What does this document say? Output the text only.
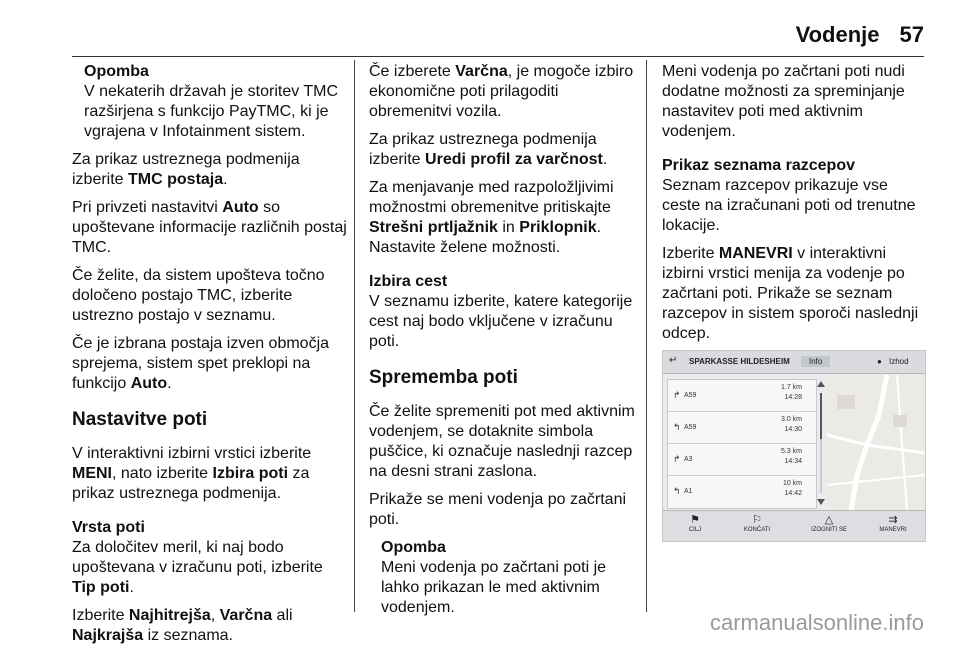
Vodenje 57
Opomba

V nekaterih državah je storitev TMC razširjena s funkcijo PayTMC, ki je vgrajena v Infotainment sistem.

Za prikaz ustreznega podmenija izberite TMC postaja.

Pri privzeti nastavitvi Auto so upoštevane informacije različnih postaj TMC.

Če želite, da sistem upošteva točno določeno postajo TMC, izberite ustrezno postajo v seznamu.

Če je izbrana postaja izven območja sprejema, sistem spet preklopi na funkcijo Auto.

Nastavitve poti

V interaktivni izbirni vrstici izberite MENI, nato izberite Izbira poti za prikaz ustreznega podmenija.

Vrsta poti

Za določitev meril, ki naj bodo upoštevana v izračunu poti, izberite Tip poti.

Izberite Najhitrejša, Varčna ali Najkrajša iz seznama.

Če izberete Varčna, je mogoče izbiro ekonomične poti prilagoditi obremenitvi vozila.

Za prikaz ustreznega podmenija izberite Uredi profil za varčnost.

Za menjavanje med razpoložljivimi možnostmi obremenitve pritiskajte Strešni prtljažnik in Priklopnik.
Nastavite želene možnosti.

Izbira cest

V seznamu izberite, katere kategorije cest naj bodo vključene v izračunu poti.

Sprememba poti

Če želite spremeniti pot med aktivnim vodenjem, se dotaknite simbola puščice, ki označuje naslednji razcep na desni strani zaslona.

Prikaže se meni vodenja po začrtani poti.

Opomba

Meni vodenja po začrtani poti je lahko prikazan le med aktivnim vodenjem.

Meni vodenja po začrtani poti nudi dodatne možnosti za spreminjanje nastavitev poti med aktivnim vodenjem.

Prikaz seznama razcepov

Seznam razcepov prikazuje vse ceste na izračunani poti od trenutne lokacije.

Izberite MANEVRI v interaktivni izbirni vrstici menija za vodenje po začrtani poti. Prikaže se seznam razcepov in sistem sporoči naslednji odcep.

↵ SPARKASSE HILDESHEIM	Info	● Izhod
↱ A59
1.7 km
14:28
↰ A59
3.0 km
14:30
↱ A3
5.3 km
14:34
↰ A1
10 km
14:42
⚑
CILJ
⚐
KONČATI
△
IZOGNITI SE
⇉
MANEVRI
carmanualsonline.info
